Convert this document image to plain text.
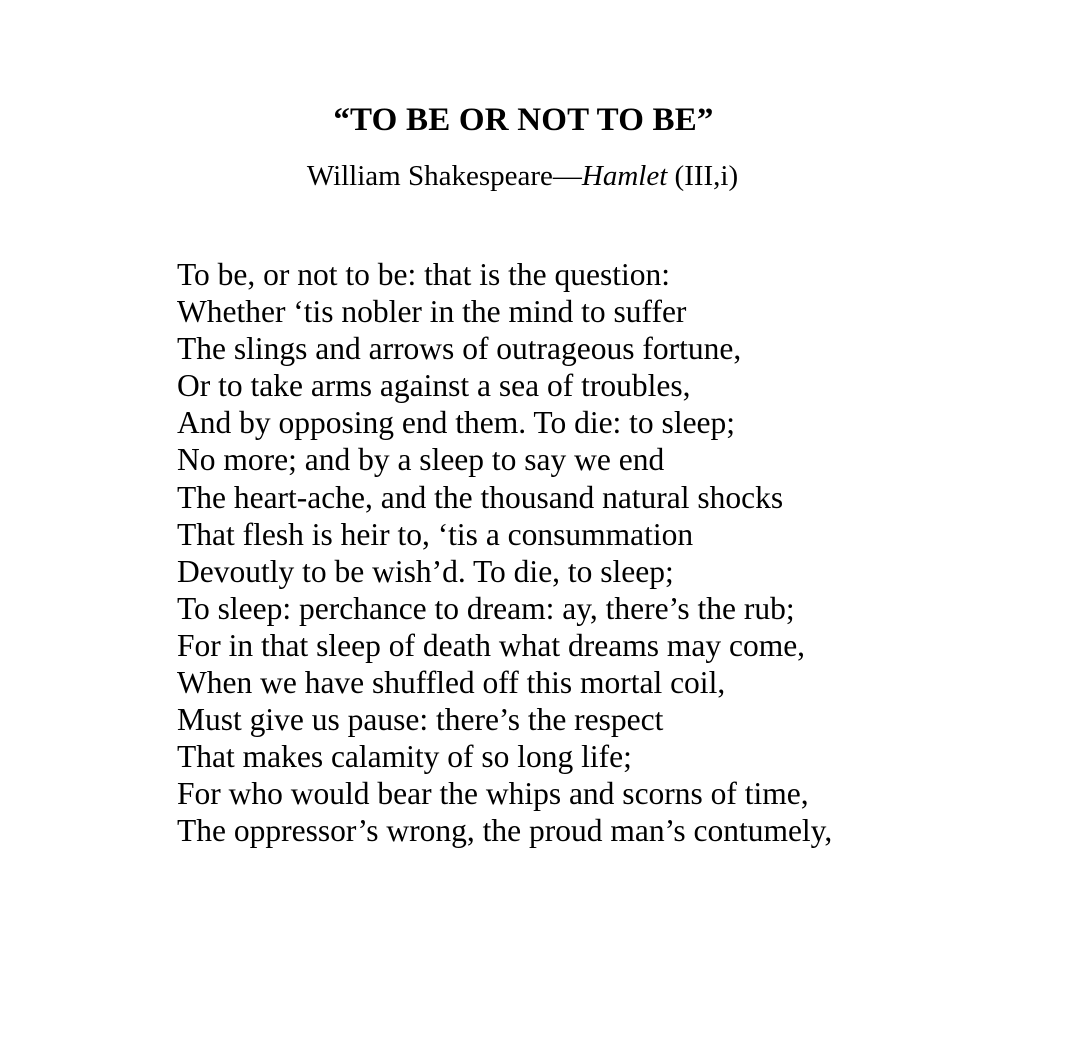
“TO BE OR NOT TO BE”

William Shakespeare—Hamlet (III,i)

To be, or not to be: that is the question:
Whether ‘tis nobler in the mind to suffer
The slings and arrows of outrageous fortune,
Or to take arms against a sea of troubles,
And by opposing end them. To die: to sleep;
No more; and by a sleep to say we end
The heart-ache, and the thousand natural shocks
That flesh is heir to, ‘tis a consummation
Devoutly to be wish’d. To die, to sleep;
To sleep: perchance to dream: ay, there’s the rub;
For in that sleep of death what dreams may come,
When we have shuffled off this mortal coil,
Must give us pause: there’s the respect
That makes calamity of so long life;
For who would bear the whips and scorns of time,
The oppressor’s wrong, the proud man’s contumely,
